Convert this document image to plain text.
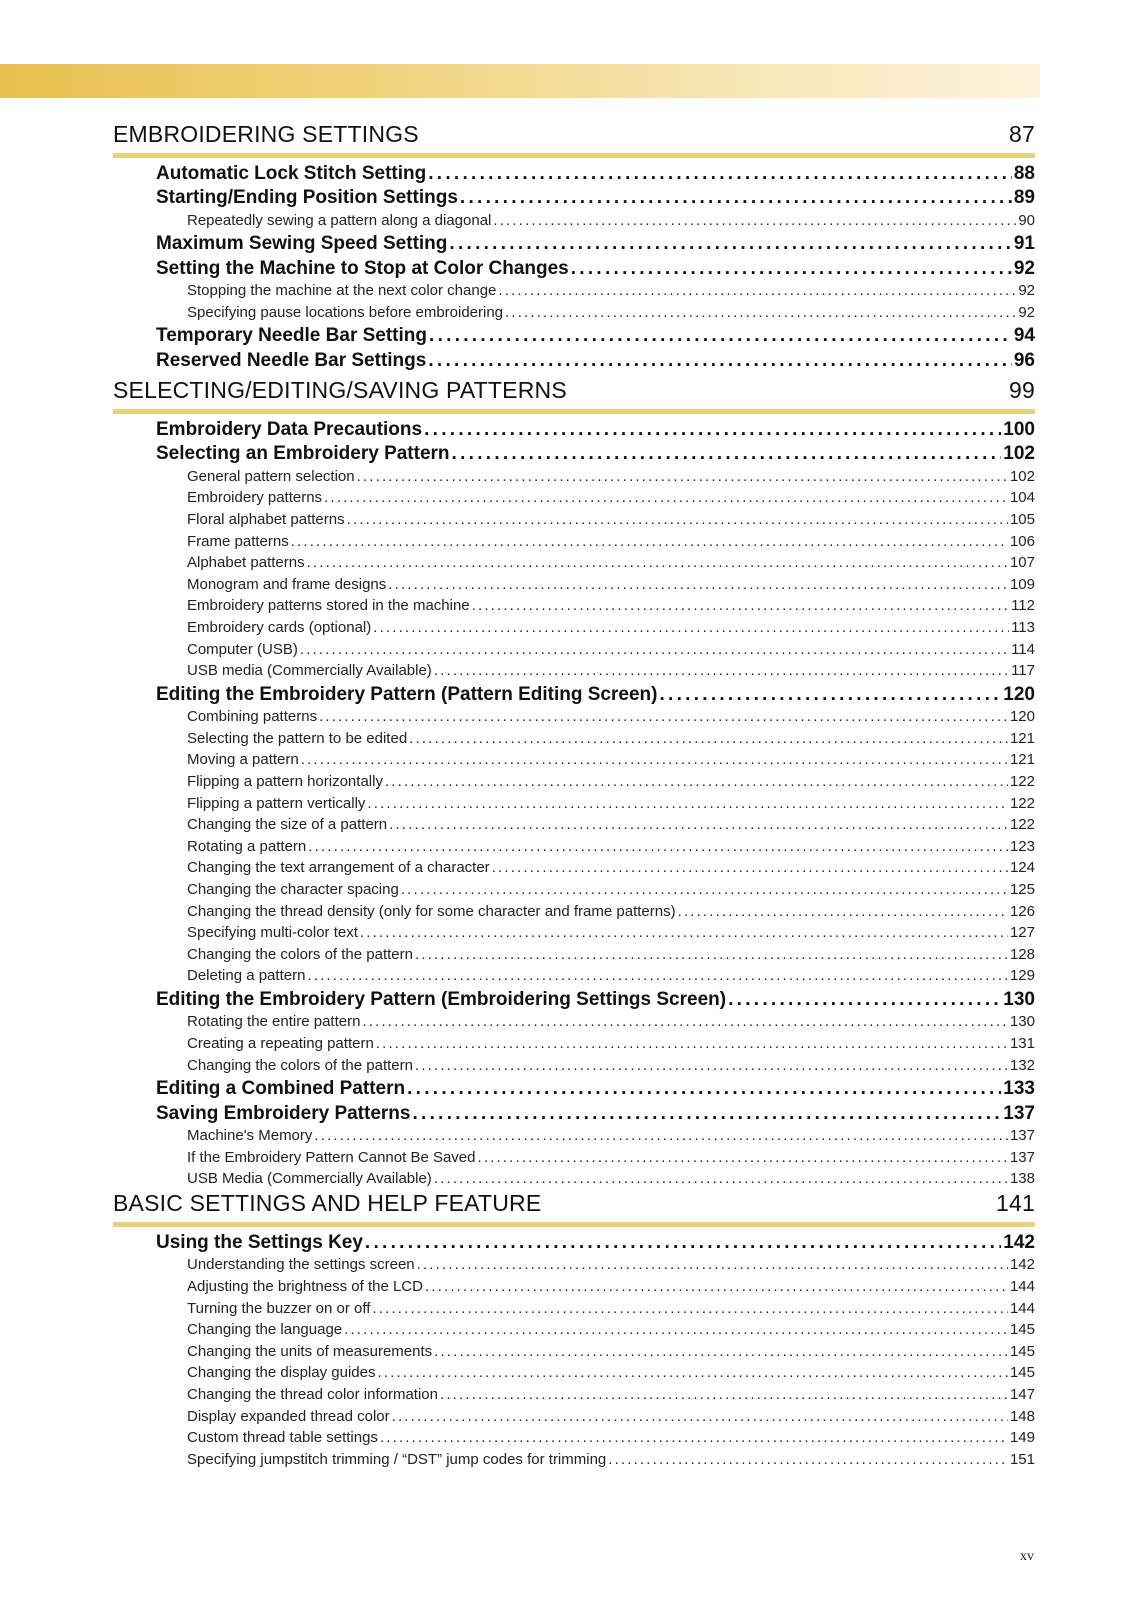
EMBROIDERING SETTINGS	87
Automatic Lock Stitch Setting . . .	88
Starting/Ending Position Settings . . .	89
Repeatedly sewing a pattern along a diagonal . . .	90
Maximum Sewing Speed Setting . . .	91
Setting the Machine to Stop at Color Changes . . .	92
Stopping the machine at the next color change . . .	92
Specifying pause locations before embroidering . . .	92
Temporary Needle Bar Setting . . .	94
Reserved Needle Bar Settings . . .	96
SELECTING/EDITING/SAVING PATTERNS	99
Embroidery Data Precautions . . .	100
Selecting an Embroidery Pattern . . .	102
General pattern selection . . .	102
Embroidery patterns . . .	104
Floral alphabet patterns . . .	105
Frame patterns . . .	106
Alphabet patterns . . .	107
Monogram and frame designs . . .	109
Embroidery patterns stored in the machine . . .	112
Embroidery cards (optional) . . .	113
Computer (USB) . . .	114
USB media (Commercially Available) . . .	117
Editing the Embroidery Pattern (Pattern Editing Screen) . . .	120
Combining patterns . . .	120
Selecting the pattern to be edited . . .	121
Moving a pattern . . .	121
Flipping a pattern horizontally . . .	122
Flipping a pattern vertically . . .	122
Changing the size of a pattern . . .	122
Rotating a pattern . . .	123
Changing the text arrangement of a character . . .	124
Changing the character spacing . . .	125
Changing the thread density (only for some character and frame patterns) . . .	126
Specifying multi-color text . . .	127
Changing the colors of the pattern . . .	128
Deleting a pattern . . .	129
Editing the Embroidery Pattern (Embroidering Settings Screen) . . .	130
Rotating the entire pattern . . .	130
Creating a repeating pattern . . .	131
Changing the colors of the pattern . . .	132
Editing a Combined Pattern . . .	133
Saving Embroidery Patterns . . .	137
Machine's Memory . . .	137
If the Embroidery Pattern Cannot Be Saved . . .	137
USB Media (Commercially Available) . . .	138
BASIC SETTINGS AND HELP FEATURE	141
Using the Settings Key . . .	142
Understanding the settings screen . . .	142
Adjusting the brightness of the LCD . . .	144
Turning the buzzer on or off . . .	144
Changing the language . . .	145
Changing the units of measurements . . .	145
Changing the display guides . . .	145
Changing the thread color information . . .	147
Display expanded thread color . . .	148
Custom thread table settings . . .	149
Specifying jumpstitch trimming / “DST” jump codes for trimming . . .	151
xv
